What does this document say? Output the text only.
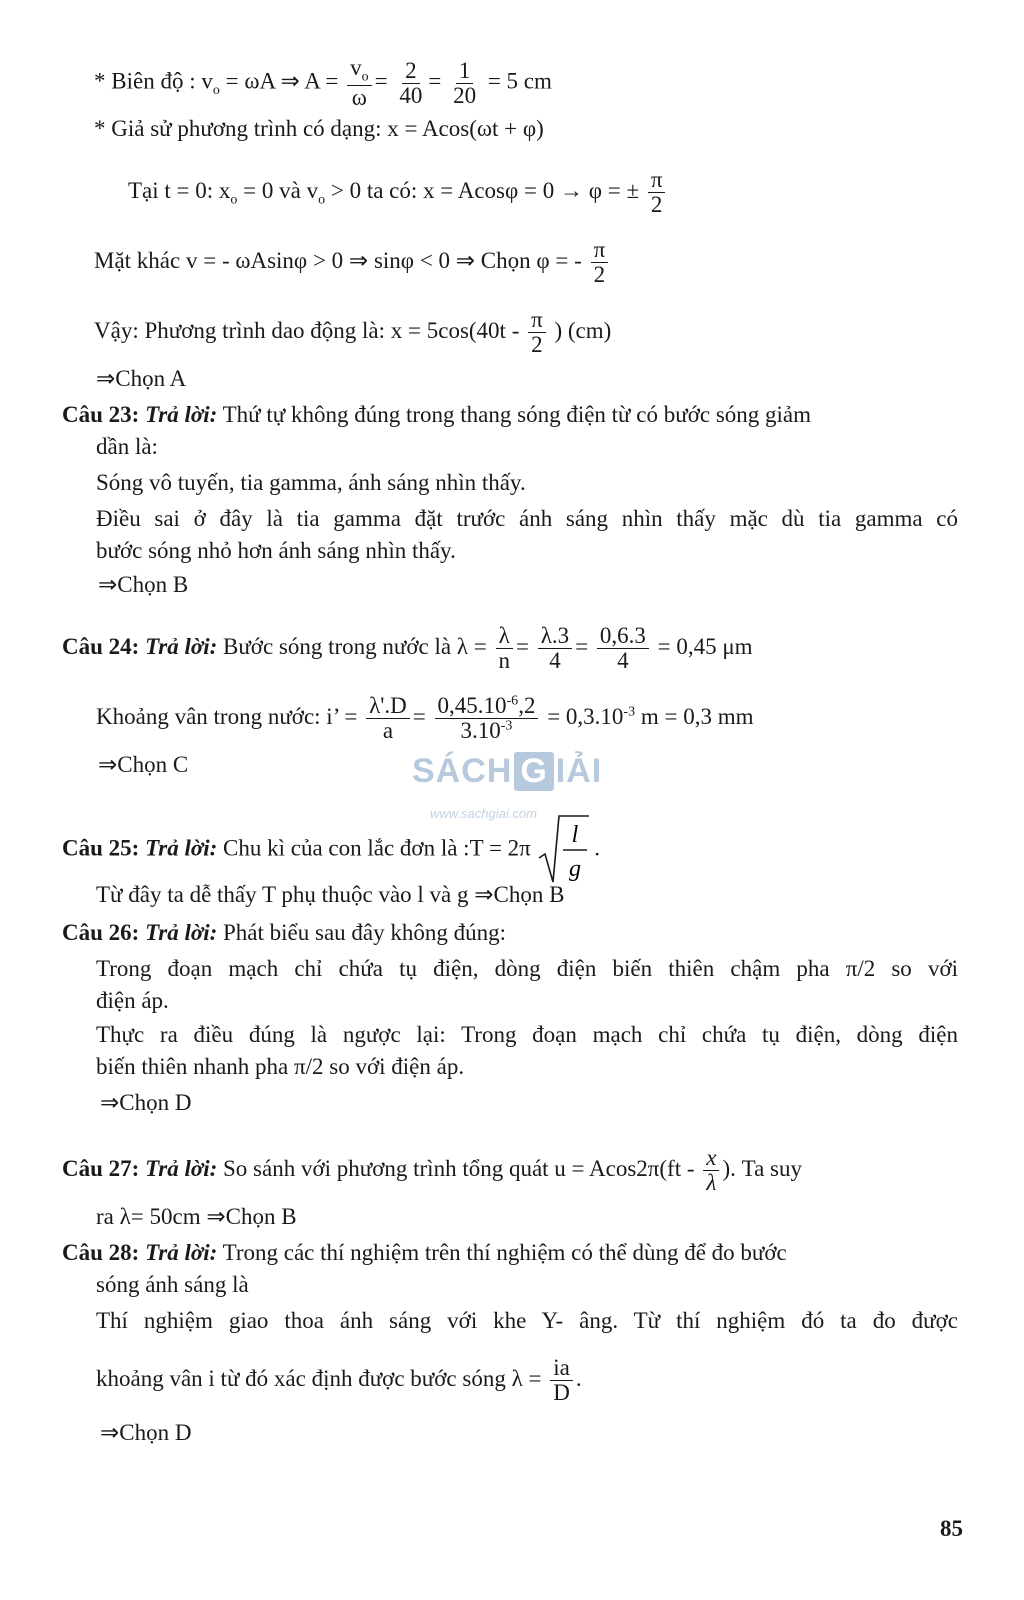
SÁCH G IẢI
www.sachgiai.com
* Biên độ : $v_o = \omega A$ ⇒ $A = \frac{v_o}{\omega} = \frac{2}{40} = \frac{1}{20} = 5$ cm
* Giả sử phương trình có dạng: x = Acos(ωt + φ)
Tại t = 0: $x_o = 0$ và $v_o > 0$ ta có: x = Acosφ = 0 → φ = ± $\frac{\pi}{2}$
Mặt khác v = - ωAsinφ > 0 ⇒ sinφ < 0 ⇒ Chọn φ = - $\frac{\pi}{2}$
Vậy: Phương trình dao động là: $x = 5\cos(40t - \frac{\pi}{2}$ ) (cm)
⇒Chọn A
Câu 23: Trả lời: Thứ tự không đúng trong thang sóng điện từ có bước sóng giảm
dần là:
Sóng vô tuyến, tia gamma, ánh sáng nhìn thấy.
Điều sai ở đây là tia gamma đặt trước ánh sáng nhìn thấy mặc dù tia gamma có
bước sóng nhỏ hơn ánh sáng nhìn thấy.
⇒Chọn B
Câu 24: Trả lời: Bước sóng trong nước là $\lambda = \frac{\lambda}{n} = \frac{\lambda.3}{4} = \frac{0,6.3}{4} = 0,45$ μm
Khoảng vân trong nước: i’ = $\frac{\lambda'.D}{a} = \frac{0,45.10^{-6},2}{3.10^{-3}} = 0,3.10^{-3}$ m = 0,3 mm
⇒Chọn C
Câu 25: Trả lời: Chu kì của con lắc đơn là :T = 2π l
g
.
Từ đây ta dễ thấy T phụ thuộc vào l và g ⇒Chọn B
Câu 26: Trả lời: Phát biểu sau đây không đúng:
Trong đoạn mạch chỉ chứa tụ điện, dòng điện biến thiên chậm pha π/2 so với
điện áp.
Thực ra điều đúng là ngược lại: Trong đoạn mạch chỉ chứa tụ điện, dòng điện
biến thiên nhanh pha π/2 so với điện áp.
⇒Chọn D
Câu 27: Trả lời: So sánh với phương trình tổng quát $u = Acos2\pi(ft - \frac{x}{\lambda}$ ). Ta suy
ra λ= 50cm ⇒Chọn B
Câu 28: Trả lời: Trong các thí nghiệm trên thí nghiệm có thể dùng để đo bước
sóng ánh sáng là
Thí nghiệm giao thoa ánh sáng với khe Y- âng. Từ thí nghiệm đó ta đo được
khoảng vân i từ đó xác định được bước sóng $\lambda = \frac{ia}{D}$ .
⇒Chọn D
85
